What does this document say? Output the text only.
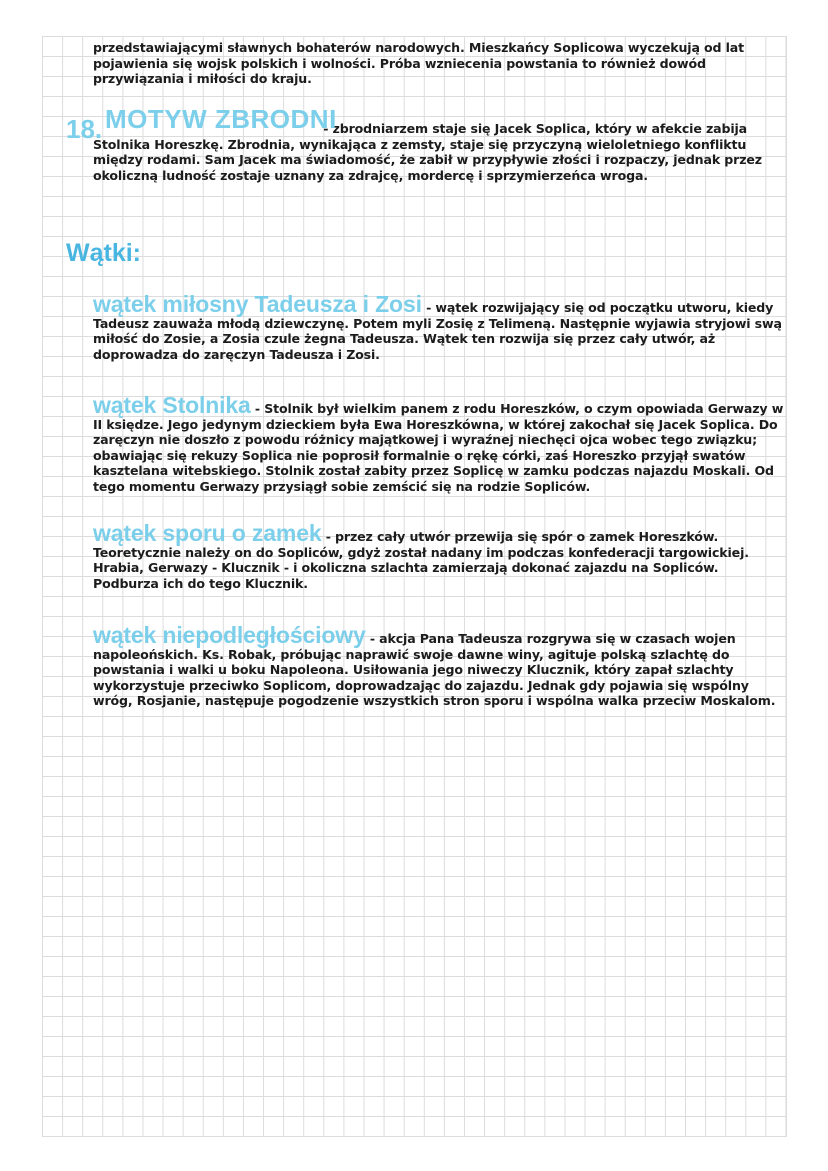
przedstawiającymi sławnych bohaterów narodowych. Mieszkańcy Soplicowa wyczekują od lat pojawienia się wojsk polskich i wolności. Próba wzniecenia powstania to również dowód przywiązania i miłości do kraju.
18. MOTYW ZBRODNI
- zbrodniarzem staje się Jacek Soplica, który w afekcie zabija Stolnika Horeszkę. Zbrodnia, wynikająca z zemsty, staje się przyczyną wieloletniego konfliktu między rodami. Sam Jacek ma świadomość, że zabił w przypływie złości i rozpaczy, jednak przez okoliczną ludność zostaje uznany za zdrajcę, mordercę i sprzymierzeńca wroga.
Wątki:
wątek miłosny Tadeusza i Zosi - wątek rozwijający się od początku utworu, kiedy Tadeusz zauważa młodą dziewczynę. Potem myli Zosię z Telimeną. Następnie wyjawia stryjowi swą miłość do Zosie, a Zosia czule żegna Tadeusza. Wątek ten rozwija się przez cały utwór, aż doprowadza do zaręczyn Tadeusza i Zosi.
wątek Stolnika - Stolnik był wielkim panem z rodu Horeszków, o czym opowiada Gerwazy w II księdze. Jego jedynym dzieckiem była Ewa Horeszkówna, w której zakochał się Jacek Soplica. Do zaręczyn nie doszło z powodu różnicy majątkowej i wyraźnej niechęci ojca wobec tego związku; obawiając się rekuzy Soplica nie poprosił formalnie o rękę córki, zaś Horeszko przyjął swatów kasztelana witebskiego. Stolnik został zabity przez Soplicę w zamku podczas najazdu Moskali. Od tego momentu Gerwazy przysiągł sobie zemścić się na rodzie Sopliców.
wątek sporu o zamek - przez cały utwór przewija się spór o zamek Horeszków. Teoretycznie należy on do Sopliców, gdyż został nadany im podczas konfederacji targowickiej. Hrabia, Gerwazy - Klucznik - i okoliczna szlachta zamierzają dokonać zajazdu na Sopliców. Podburza ich do tego Klucznik.
wątek niepodległościowy - akcja Pana Tadeusza rozgrywa się w czasach wojen napoleońskich. Ks. Robak, próbując naprawić swoje dawne winy, agituje polską szlachtę do powstania i walki u boku Napoleona. Usiłowania jego niweczy Klucznik, który zapał szlachty wykorzystuje przeciwko Soplicom, doprowadzając do zajazdu. Jednak gdy pojawia się wspólny wróg, Rosjanie, następuje pogodzenie wszystkich stron sporu i wspólna walka przeciw Moskalom.
